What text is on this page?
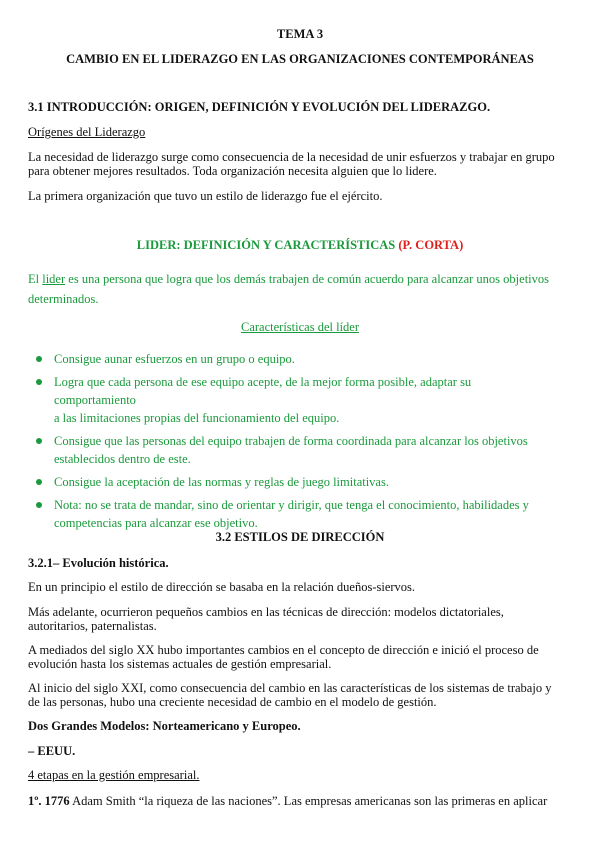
TEMA 3
CAMBIO EN EL LIDERAZGO EN LAS ORGANIZACIONES CONTEMPORÁNEAS
3.1 INTRODUCCIÓN: ORIGEN, DEFINICIÓN Y EVOLUCIÓN DEL LIDERAZGO.
Orígenes del Liderazgo
La necesidad de liderazgo surge como consecuencia de la necesidad de unir esfuerzos y trabajar en grupo
para obtener mejores resultados. Toda organización necesita alguien que lo lidere.
La primera organización que tuvo un estilo de liderazgo fue el ejército.
LIDER: DEFINICIÓN Y CARACTERÍSTICAS (P. CORTA)
El lider es una persona que logra que los demás trabajen de común acuerdo para alcanzar unos objetivos
determinados.
Características del líder
Consigue aunar esfuerzos en un grupo o equipo.
Logra que cada persona de ese equipo acepte, de la mejor forma posible, adaptar su comportamiento
a las limitaciones propias del funcionamiento del equipo.
Consigue que las personas del equipo trabajen de forma coordinada para alcanzar los objetivos
establecidos dentro de este.
Consigue la aceptación de las normas y reglas de juego limitativas.
Nota: no se trata de mandar, sino de orientar y dirigir, que tenga el conocimiento, habilidades y
competencias para alcanzar ese objetivo.
3.2 ESTILOS DE DIRECCIÓN
3.2.1– Evolución histórica.
En un principio el estilo de dirección se basaba en la relación dueños-siervos.
Más adelante, ocurrieron pequeños cambios en las técnicas de dirección: modelos dictatoriales,
autoritarios, paternalistas.
A mediados del siglo XX hubo importantes cambios en el concepto de dirección e inició el proceso de
evolución hasta los sistemas actuales de gestión empresarial.
Al inicio del siglo XXI, como consecuencia del cambio en las características de los sistemas de trabajo y
de las personas, hubo una creciente necesidad de cambio en el modelo de gestión.
Dos Grandes Modelos: Norteamericano y Europeo.
– EEUU.
4 etapas en la gestión empresarial.
1º. 1776 Adam Smith “la riqueza de las naciones”. Las empresas americanas son las primeras en aplicar
